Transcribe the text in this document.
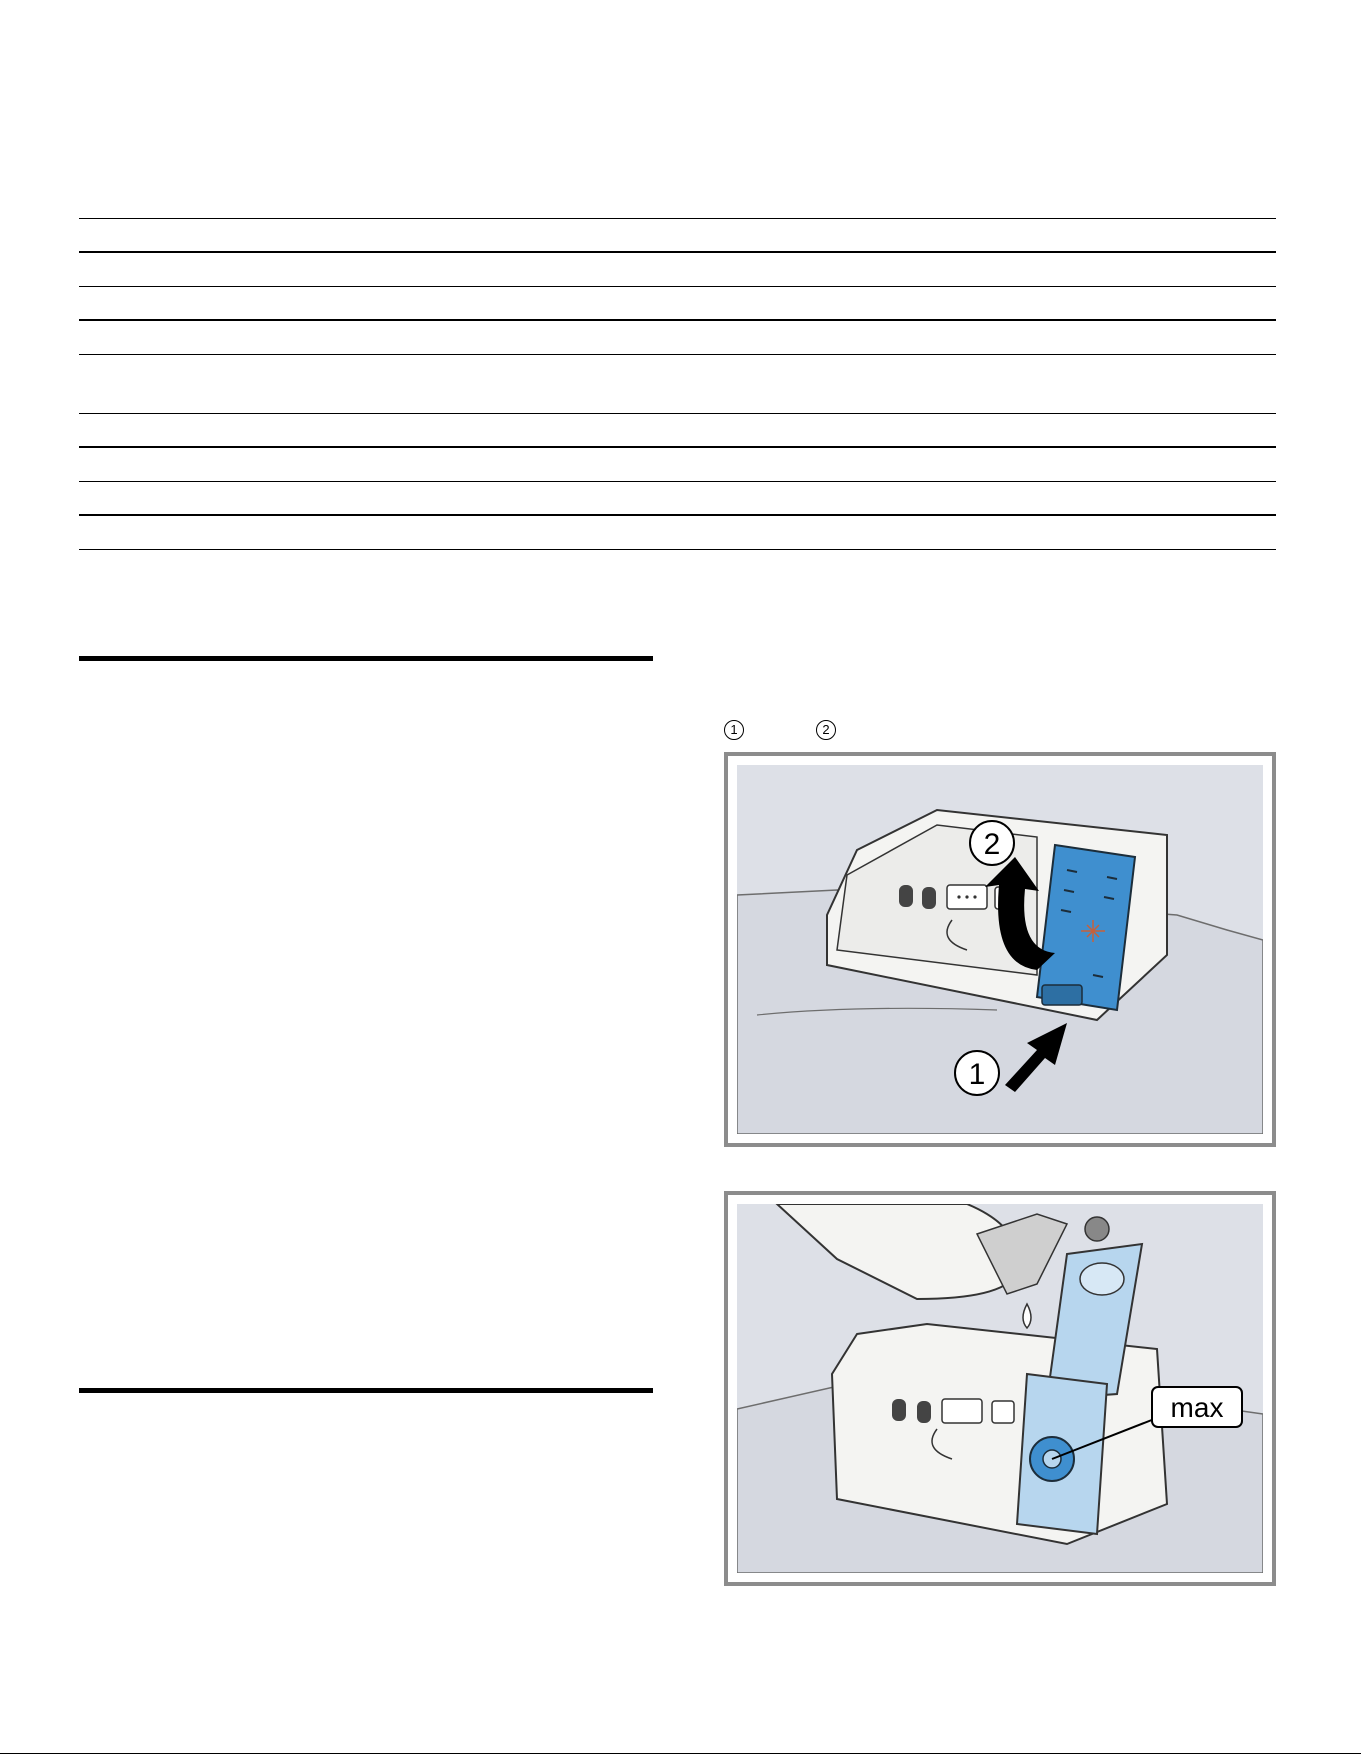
1	2
2
1
max
